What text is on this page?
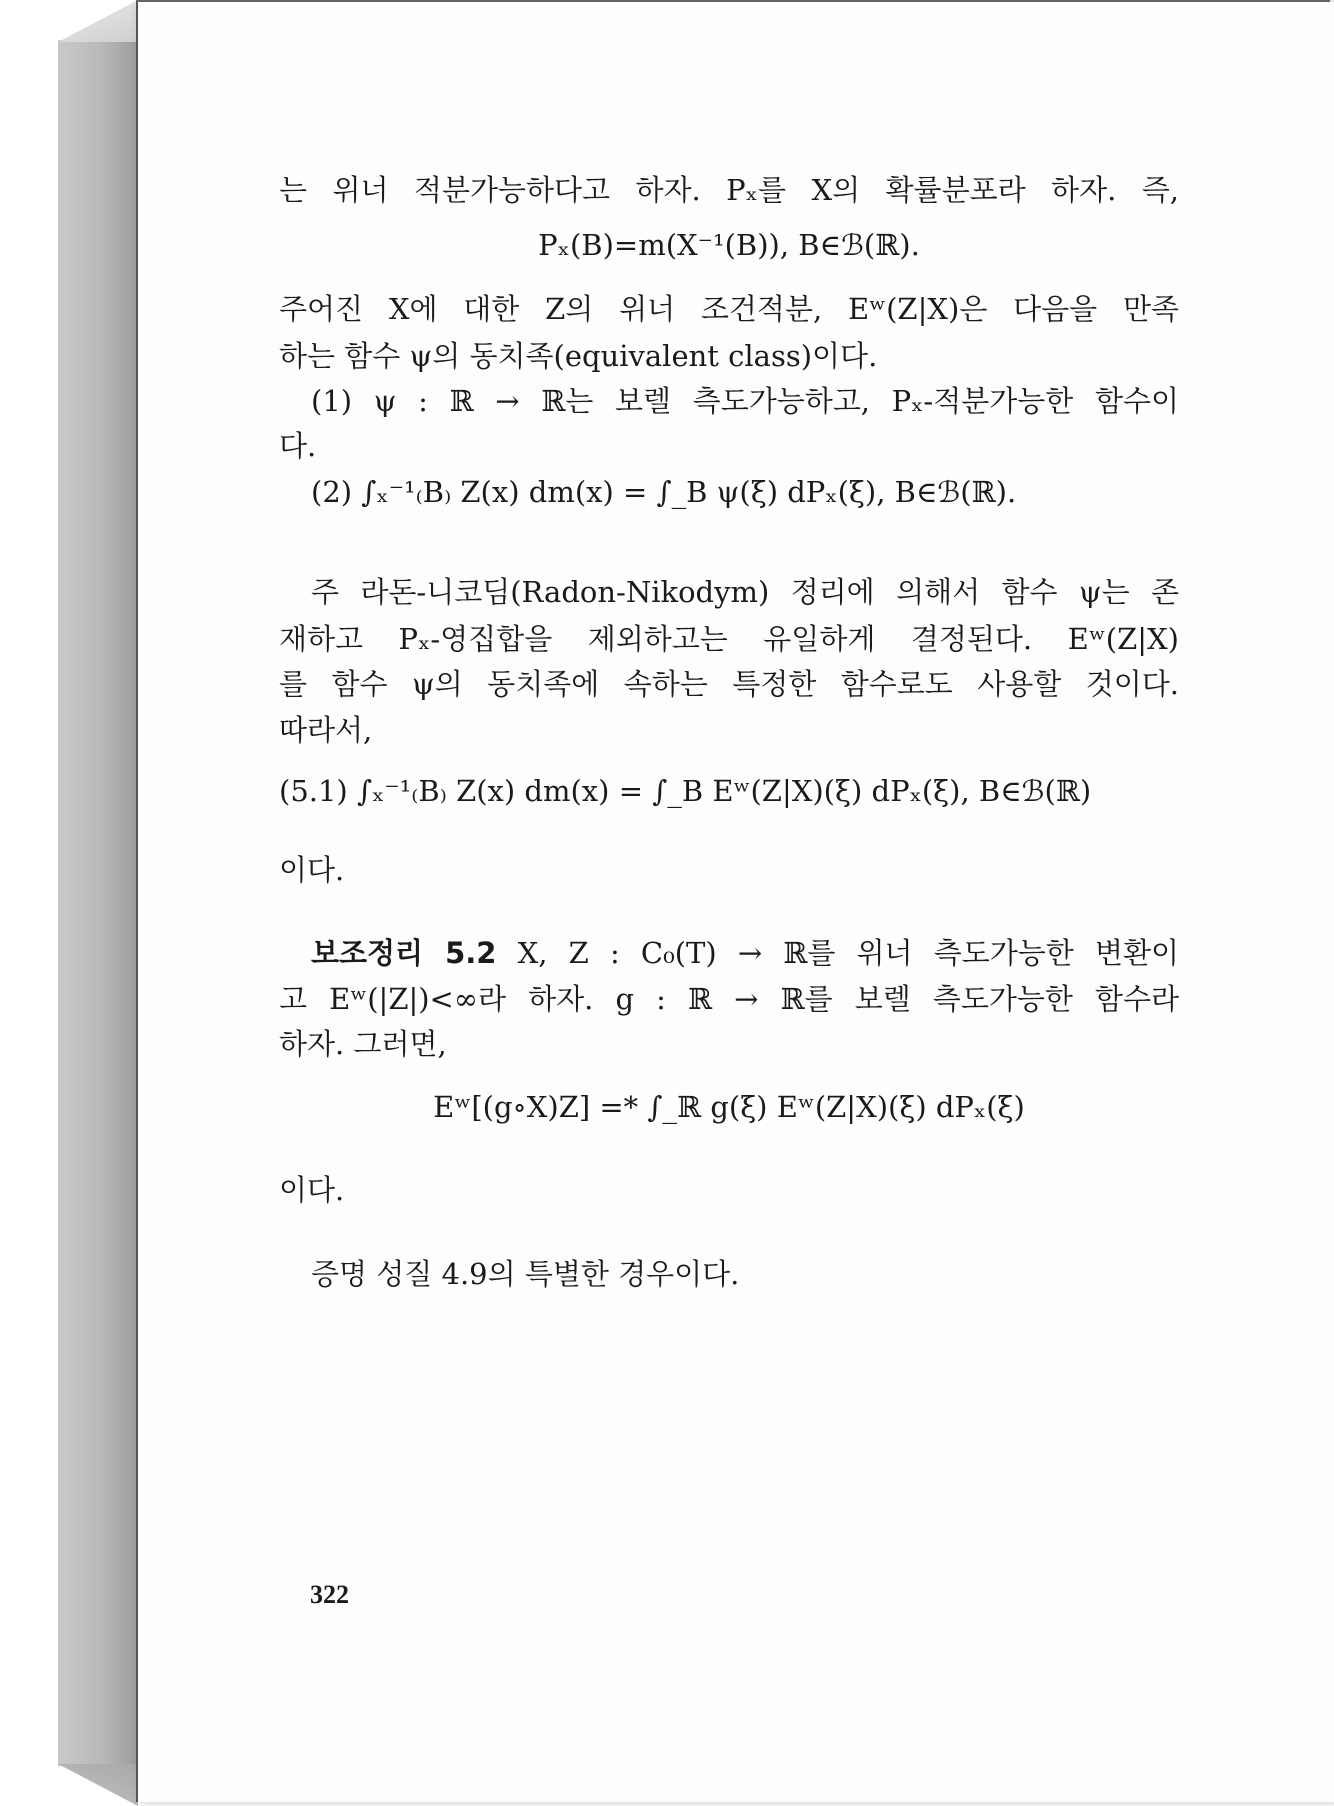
는 위너 적분가능하다고 하자. Pₓ를 X의 확률분포라 하자. 즉,
Pₓ(B)=m(X⁻¹(B)), B∈ℬ(ℝ).
주어진 X에 대한 Z의 위너 조건적분, Eʷ(Z|X)은 다음을 만족
하는 함수 ψ의 동치족(equivalent class)이다.
(1) ψ : ℝ → ℝ는 보렐 측도가능하고, Pₓ-적분가능한 함수이
다.
(2) ∫ₓ⁻¹₍B₎ Z(x) dm(x) = ∫_B ψ(ξ) dPₓ(ξ), B∈ℬ(ℝ).
주 라돈-니코딤(Radon-Nikodym) 정리에 의해서 함수 ψ는 존
재하고 Pₓ-영집합을 제외하고는 유일하게 결정된다. Eʷ(Z|X)
를 함수 ψ의 동치족에 속하는 특정한 함수로도 사용할 것이다.
따라서,
(5.1) ∫ₓ⁻¹₍B₎ Z(x) dm(x) = ∫_B Eʷ(Z|X)(ξ) dPₓ(ξ), B∈ℬ(ℝ)
이다.
보조정리 5.2 X, Z : C₀(T) → ℝ를 위너 측도가능한 변환이
고 Eʷ(|Z|)<∞라 하자. g : ℝ → ℝ를 보렐 측도가능한 함수라
하자. 그러면,
Eʷ[(g∘X)Z] =* ∫_ℝ g(ξ) Eʷ(Z|X)(ξ) dPₓ(ξ)
이다.
증명 성질 4.9의 특별한 경우이다.
322
